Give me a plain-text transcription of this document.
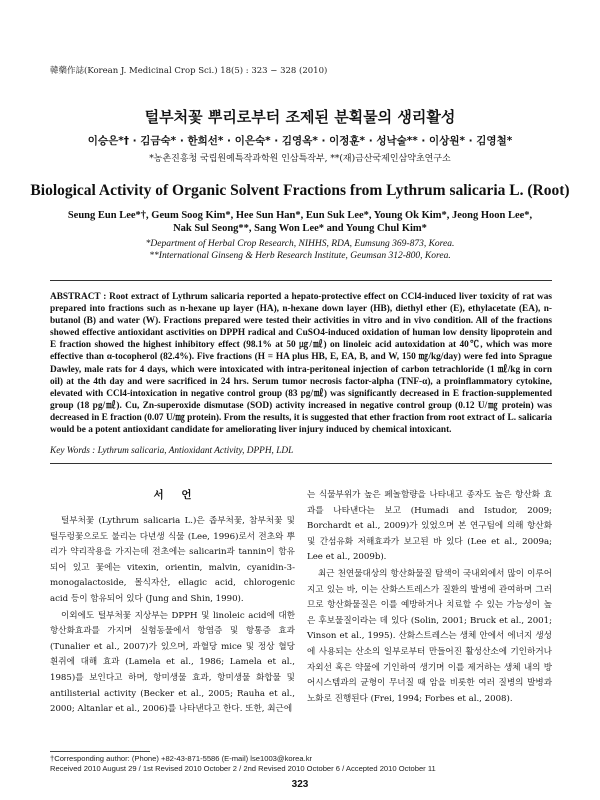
韓藥作誌(Korean J. Medicinal Crop Sci.) 18(5) : 323 − 328 (2010)
털부처꽃 뿌리로부터 조제된 분획물의 생리활성
이승은*† · 김금숙* · 한희선* · 이은숙* · 김영옥* · 이정훈* · 성낙술** · 이상원* · 김영철*
*농촌진흥청 국립원예특작과학원 인삼특작부, **(재)금산국제인삼약초연구소
Biological Activity of Organic Solvent Fractions from Lythrum salicaria L. (Root)
Seung Eun Lee*†, Geum Soog Kim*, Hee Sun Han*, Eun Suk Lee*, Young Ok Kim*, Jeong Hoon Lee*,
Nak Sul Seong**, Sang Won Lee* and Young Chul Kim*
*Department of Herbal Crop Research, NIHHS, RDA, Eumsung 369-873, Korea.
**International Ginseng & Herb Research Institute, Geumsan 312-800, Korea.

ABSTRACT : Root extract of Lythrum salicaria reported a hepato-protective effect on CCl4-induced liver toxicity of rat was prepared into fractions such as n-hexane up layer (HA), n-hexane down layer (HB), diethyl ether (E), ethylacetate (EA), n-butanol (B) and water (W). Fractions prepared were tested their activities in vitro and in vivo condition. All of the fractions showed effective antioxidant asctivities on DPPH radical and CuSO4-induced oxidation of human low density lipoprotein and E fraction showed the highest inhibitory effect (98.1% at 50 ㎍/㎖) on linoleic acid autoxidation at 40℃, which was more effective than α-tocopherol (82.4%). Five fractions (H = HA plus HB, E, EA, B, and W, 150 ㎎/kg/day) were fed into Sprague Dawley, male rats for 4 days, which were intoxicated with intra-peritoneal injection of carbon tetrachloride (1 ㎖/kg in corn oil) at the 4th day and were sacrificed in 24 hrs. Serum tumor necrosis factor-alpha (TNF-α), a proinflammatory cytokine, elevated with CCl4-intoxication in negative control group (83 pg/㎖) was significantly decreased in E fraction-supplemented group (18 pg/㎖). Cu, Zn-superoxide dismutase (SOD) activity increased in negative control group (0.12 U/㎎ protein) was decreased in E fraction (0.07 U/㎎ protein). From the results, it is suggested that ether fraction from root extract of L. salicaria would be a potent antioxidant candidate for ameliorating liver injury induced by chemical intoxicant.

Key Words : Lythrum salicaria, Antioxidant Activity, DPPH, LDL

서 언

털부처꽃 (Lythrum salicaria L.)은 좁부처꽃, 참부처꽃 및 털두렁꽃으로도 불리는 다년생 식물 (Lee, 1996)로서 전초와 뿌리가 약리작용을 가지는데 전초에는 salicarin과 tannin이 함유되어 있고 꽃에는 vitexin, orientin, malvin, cyanidin-3-monogalactoside, 몰식자산, ellagic acid, chlorogenic acid 등이 함유되어 있다 (Jung and Shin, 1990).

이외에도 털부처꽃 지상부는 DPPH 및 linoleic acid에 대한 항산화효과를 가지며 실험동물에서 항염증 및 항통증 효과 (Tunalier et al., 2007)가 있으며, 과혈당 mice 및 정상 혈당 흰쥐에 대해 효과 (Lamela et al., 1986; Lamela et al., 1985)를 보인다고 하며, 항미생물 효과, 항미생물 화합물 및 antilisterial activity (Becker et al., 2005; Rauha et al., 2000; Altanlar et al., 2006)를 나타낸다고 한다. 또한, 최근에

는 식물부위가 높은 페놀함량을 나타내고 종자도 높은 항산화 효과를 나타낸다는 보고 (Humadi and Istudor, 2009; Borchardt et al., 2009)가 있었으며 본 연구팀에 의해 항산화 및 간섬유화 저해효과가 보고된 바 있다 (Lee et al., 2009a; Lee et al., 2009b).

최근 천연물대상의 항산화물질 탐색이 국내외에서 많이 이루어지고 있는 바, 이는 산화스트레스가 질환의 발병에 관여하며 그러므로 항산화물질은 이를 예방하거나 치료할 수 있는 가능성이 높은 후보물질이라는 데 있다 (Solin, 2001; Bruck et al., 2001; Vinson et al., 1995). 산화스트레스는 생체 안에서 에너지 생성에 사용되는 산소의 일부로부터 만들어진 활성산소에 기인하거나 자외선 혹은 약물에 기인하여 생기며 이를 제거하는 생체 내의 방어시스템과의 균형이 무너질 때 암을 비롯한 여러 질병의 발병과 노화로 진행된다 (Frei, 1994; Forbes et al., 2008).

†Corresponding author: (Phone) +82-43-871-5586 (E-mail) lse1003@korea.kr
Received 2010 August 29 / 1st Revised 2010 October 2 / 2nd Revised 2010 October 6 / Accepted 2010 October 11
323
